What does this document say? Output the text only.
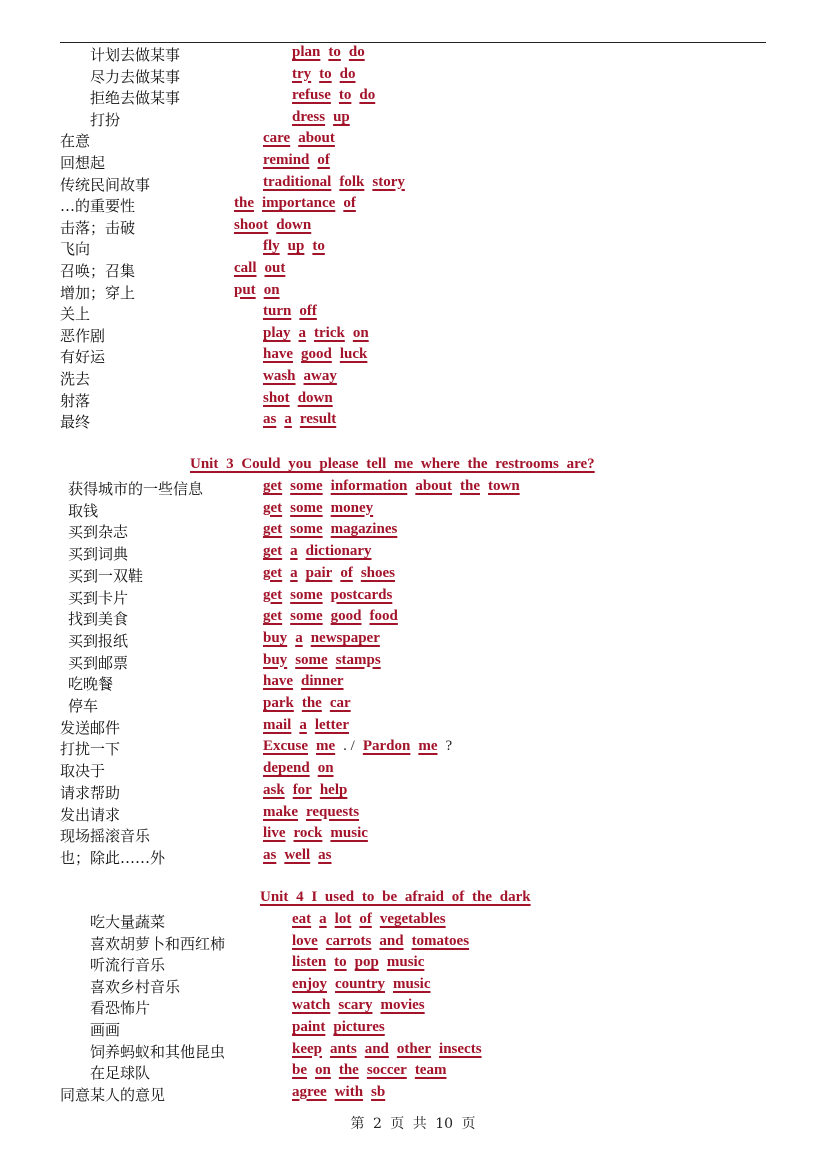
计划去做某事	plan to do
尽力去做某事	try to do
拒绝去做某事	refuse to do
打扮	dress up
在意	care about
回想起	remind of
传统民间故事	traditional folk story
…的重要性	the importance of
击落；击破	shoot down
飞向	fly up to
召唤；召集	call out
增加；穿上	put on
关上	turn off
恶作剧	play a trick on
有好运	have good luck
洗去	wash away
射落	shot down
最终	as a result
Unit 3 Could you please tell me where the restrooms are?
获得城市的一些信息	get some information about the town
取钱	get some money
买到杂志	get some magazines
买到词典	get a dictionary
买到一双鞋	get a pair of shoes
买到卡片	get some postcards
找到美食	get some good food
买到报纸	buy a newspaper
买到邮票	buy some stamps
吃晚餐	have dinner
停车	park the car
发送邮件	mail a letter
打扰一下	Excuse me . / Pardon me ?
取决于	depend on
请求帮助	ask for help
发出请求	make requests
现场摇滚音乐	live rock music
也；除此……外	as well as
Unit 4 I used to be afraid of the dark
吃大量蔬菜	eat a lot of vegetables
喜欢胡萝卜和西红柿	love carrots and tomatoes
听流行音乐	listen to pop music
喜欢乡村音乐	enjoy country music
看恐怖片	watch scary movies
画画	paint pictures
饲养蚂蚁和其他昆虫	keep ants and other insects
在足球队	be on the soccer team
同意某人的意见	agree with sb
第 2 页 共 10 页
